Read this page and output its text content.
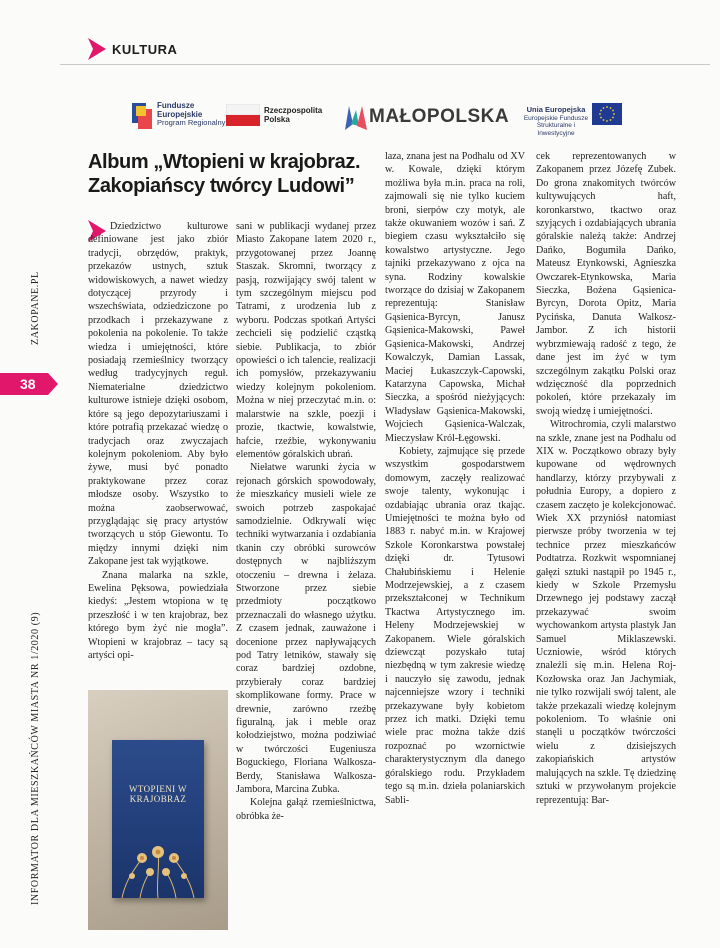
KULTURA
Fundusze Europejskie
Program Regionalny
Rzeczpospolita Polska	MAŁOPOLSKA	Unia Europejska
Europejskie Fundusze Strukturalne i Inwestycyjne
ZAKOPANE.PL
38
INFORMATOR DLA MIESZKAŃCÓW MIASTA NR 1/2020 (9)
Album „Wtopieni w krajobraz. Zakopiańscy twórcy Ludowi”

Dziedzictwo kulturowe definiowane jest jako zbiór tradycji, obrzędów, praktyk, przekazów ustnych, sztuk widowiskowych, a nawet wiedzy dotyczącej przyrody i wszechświata, odziedziczone po przodkach i przekazywane z pokolenia na pokolenie. To także wiedza i umiejętności, które posiadają rzemieślnicy tworzący według tradycyjnych reguł. Niematerialne dziedzictwo kulturowe istnieje dzięki osobom, które są jego depozytariuszami i które potrafią przekazać wiedzę o tradycjach oraz zwyczajach kolejnym pokoleniom. Aby było żywe, musi być ponadto praktykowane przez coraz młodsze osoby. Wszystko to można zaobserwować, przyglądając się pracy artystów tworzących u stóp Giewontu. To między innymi dzięki nim Zakopane jest tak wyjątkowe.

Znana malarka na szkle, Ewelina Pęksowa, powiedziała kiedyś: „Jestem wtopiona w tę przeszłość i w ten krajobraz, bez którego bym żyć nie mogła”. Wtopieni w krajobraz – tacy są artyści opi-

WTOPIENI W KRAJOBRAZ

sani w publikacji wydanej przez Miasto Zakopane latem 2020 r., przygotowanej przez Joannę Staszak. Skromni, tworzący z pasją, rozwijający swój talent w tym szczególnym miejscu pod Tatrami, z urodzenia lub z wyboru. Podczas spotkań Artyści zechcieli się podzielić cząstką siebie. Publikacja, to zbiór opowieści o ich talencie, realizacji ich pomysłów, przekazywaniu wiedzy kolejnym pokoleniom. Można w niej przeczytać m.in. o: malarstwie na szkle, poezji i prozie, tkactwie, kowalstwie, hafcie, rzeźbie, wykonywaniu elementów góralskich ubrań.

Niełatwe warunki życia w rejonach górskich spowodowały, że mieszkańcy musieli wiele ze swoich potrzeb zaspokajać samodzielnie. Odkrywali więc techniki wytwarzania i ozdabiania tkanin czy obróbki surowców dostępnych w najbliższym otoczeniu – drewna i żelaza. Stworzone przez siebie przedmioty początkowo przeznaczali do własnego użytku. Z czasem jednak, zauważone i docenione przez napływających pod Tatry letników, stawały się coraz bardziej ozdobne, przybierały coraz bardziej skomplikowane formy. Prace w drewnie, zarówno rzeźbę figuralną, jak i meble oraz kołodziejstwo, można podziwiać w twórczości Eugeniusza Boguckiego, Floriana Walkosza-Berdy, Stanisława Walkosza-Jambora, Marcina Zubka.

Kolejna gałąź rzemieślnictwa, obróbka że-

laza, znana jest na Podhalu od XV w. Kowale, dzięki którym możliwa była m.in. praca na roli, zajmowali się nie tylko kuciem broni, sierpów czy motyk, ale także okuwaniem wozów i sań. Z biegiem czasu wykształciło się kowalstwo artystyczne. Jego tajniki przekazywano z ojca na syna. Rodziny kowalskie tworzące do dzisiaj w Zakopanem reprezentują: Stanisław Gąsienica-Byrcyn, Janusz Gąsienica-Makowski, Paweł Gąsienica-Makowski, Andrzej Kowalczyk, Damian Lassak, Maciej Łukaszczyk-Capowski, Katarzyna Capowska, Michał Sieczka, a spośród nieżyjących: Władysław Gąsienica-Makowski, Wojciech Gąsienica-Walczak, Mieczysław Król-Łęgowski.

Kobiety, zajmujące się przede wszystkim gospodarstwem domowym, zaczęły realizować swoje talenty, wykonując i ozdabiając ubrania oraz tkając. Umiejętności te można było od 1883 r. nabyć m.in. w Krajowej Szkole Koronkarstwa powstałej dzięki dr. Tytusowi Chałubińskiemu i Helenie Modrzejewskiej, a z czasem przekształconej w Technikum Tkactwa Artystycznego im. Heleny Modrzejewskiej w Zakopanem. Wiele góralskich dziewcząt pozyskało tutaj niezbędną w tym zakresie wiedzę i nauczyło się zawodu, jednak najcenniejsze wzory i techniki przekazywane były kobietom przez ich matki. Dzięki temu wiele prac można także dziś rozpoznać po wzornictwie charakterystycznym dla danego góralskiego rodu. Przykładem tego są m.in. dzieła polaniarskich Sabli-

cek reprezentowanych w Zakopanem przez Józefę Zubek. Do grona znakomitych twórców kultywujących haft, koronkarstwo, tkactwo oraz szyjących i ozdabiających ubrania góralskie należą także: Andrzej Dańko, Bogumiła Dańko, Mateusz Etynkowski, Agnieszka Owczarek-Etynkowska, Maria Sieczka, Bożena Gąsienica-Byrcyn, Dorota Opitz, Maria Pycińska, Danuta Walkosz-Jambor. Z ich historii wybrzmiewają radość z tego, że dane jest im żyć w tym szczególnym zakątku Polski oraz wdzięczność dla poprzednich pokoleń, które przekazały im swoją wiedzę i umiejętności.

Witrochromia, czyli malarstwo na szkle, znane jest na Podhalu od XIX w. Początkowo obrazy były kupowane od wędrownych handlarzy, którzy przybywali z południa Europy, a dopiero z czasem zaczęto je kolekcjonować. Wiek XX przyniósł natomiast pierwsze próby tworzenia w tej technice przez mieszkańców Podtatrza. Rozkwit wspomnianej gałęzi sztuki nastąpił po 1945 r., kiedy w Szkole Przemysłu Drzewnego jej podstawy zaczął przekazywać swoim wychowankom artysta plastyk Jan Samuel Miklaszewski. Uczniowie, wśród których znaleźli się m.in. Helena Roj-Kozłowska oraz Jan Jachymiak, nie tylko rozwijali swój talent, ale także przekazali wiedzę kolejnym pokoleniom. To właśnie oni stanęli u początków twórczości wielu z dzisiejszych zakopiańskich artystów malujących na szkle. Tę dziedzinę sztuki w przywołanym projekcie reprezentują: Bar-
